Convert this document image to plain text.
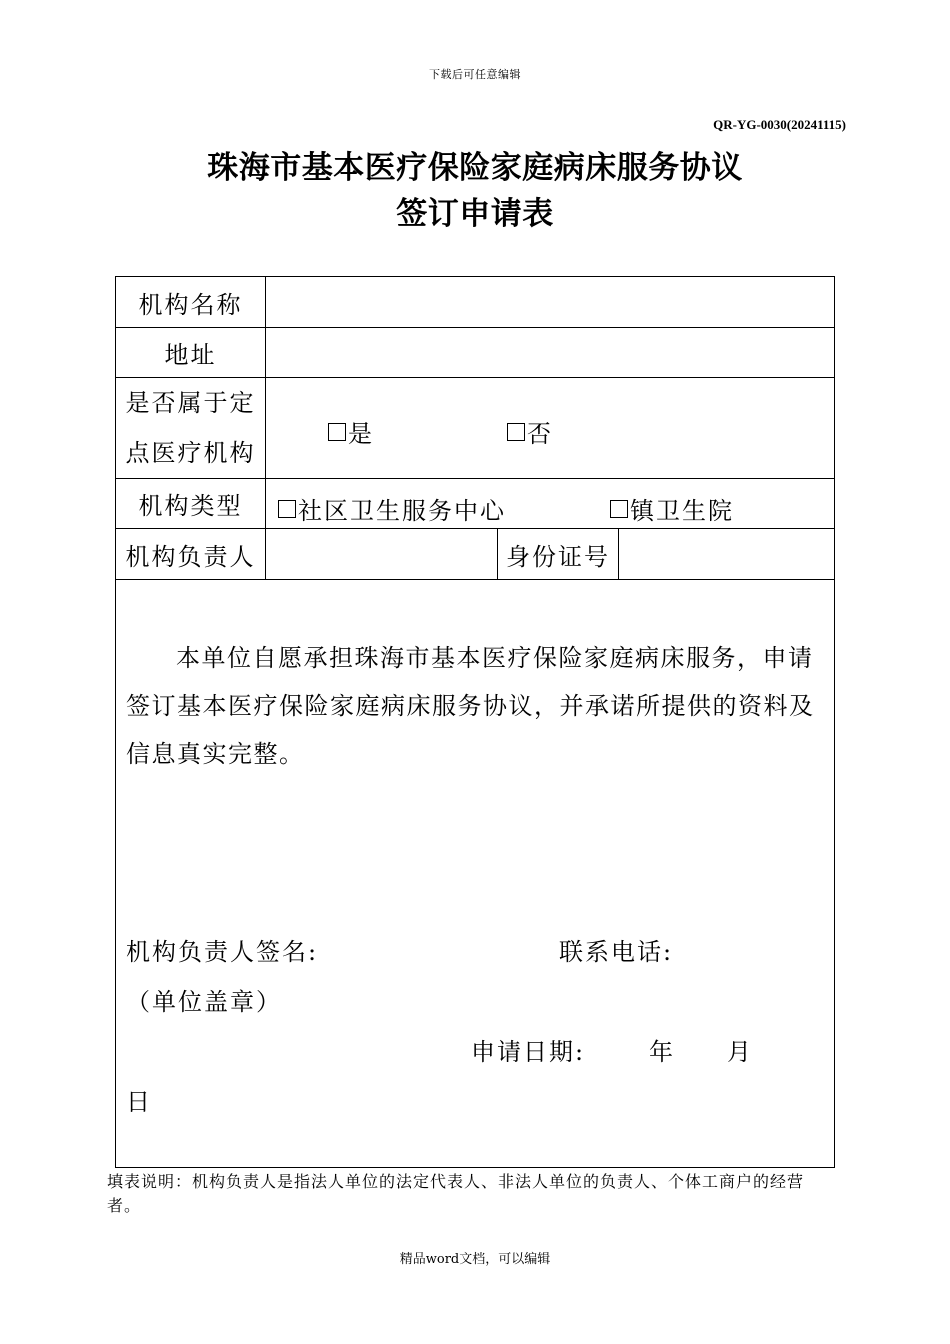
下载后可任意编辑
QR-YG-0030(20241115)
珠海市基本医疗保险家庭病床服务协议
签订申请表
机构名称
地址
是否属于定
点医疗机构
是	否
机构类型	社区卫生服务中心	镇卫生院
机构负责人	身份证号
本单位自愿承担珠海市基本医疗保险家庭病床服务，申请签订基本医疗保险家庭病床服务协议，并承诺所提供的资料及信息真实完整。
机构负责人签名:	联系电话:
（单位盖章）
申请日期:	年 月
日
填表说明：机构负责人是指法人单位的法定代表人、非法人单位的负责人、个体工商户的经营者。
精品word文档，可以编辑
